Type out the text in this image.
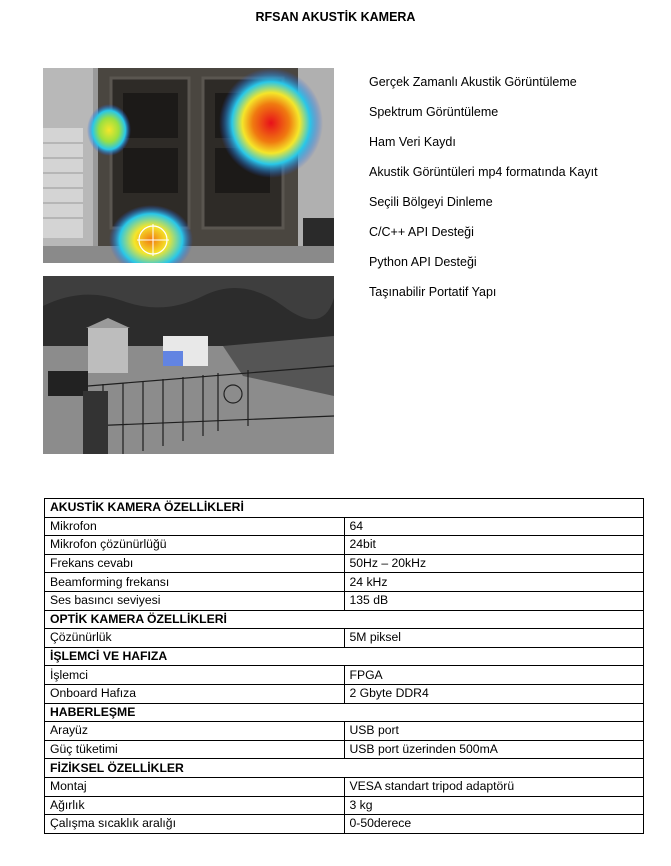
RFSAN AKUSTİK KAMERA
Gerçek Zamanlı Akustik Görüntüleme
Spektrum Görüntüleme
Ham Veri Kaydı
Akustik Görüntüleri mp4 formatında Kayıt
Seçili Bölgeyi Dinleme
C/C++ API Desteği
Python API Desteği
Taşınabilir Portatif Yapı
AKUSTİK KAMERA ÖZELLİKLERİ	
Mikrofon	64
Mikrofon çözünürlüğü	24bit
Frekans cevabı	50Hz – 20kHz
Beamforming frekansı	24 kHz
Ses basıncı seviyesi	135 dB
OPTİK KAMERA ÖZELLİKLERİ	
Çözünürlük	5M piksel
İŞLEMCİ VE HAFIZA	
İşlemci	FPGA
Onboard Hafıza	2 Gbyte DDR4
HABERLEŞME	
Arayüz	USB port
Güç tüketimi	USB port üzerinden 500mA
FİZİKSEL ÖZELLİKLER	
Montaj	VESA standart tripod adaptörü
Ağırlık	3 kg
Çalışma sıcaklık aralığı	0-50derece
